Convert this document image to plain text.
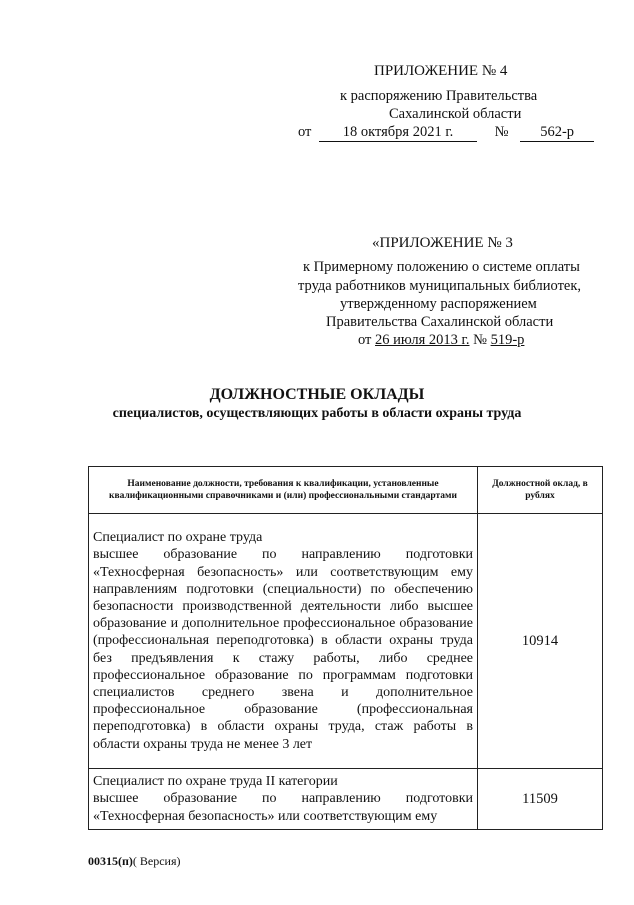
ПРИЛОЖЕНИЕ № 4
к распоряжению Правительства
Сахалинской области
от 18 октября 2021 г.	№ 562-р
«ПРИЛОЖЕНИЕ № 3
к Примерному положению о системе оплаты
труда работников муниципальных библиотек,
утвержденному распоряжением
Правительства Сахалинской области
от 26 июля 2013 г. № 519-р
ДОЛЖНОСТНЫЕ ОКЛАДЫ
специалистов, осуществляющих работы в области охраны труда
Наименование должности, требования к квалификации, установленные квалификационными справочниками и (или) профессиональными стандартами	Должностной оклад, в рублях

Специалист по охране труда
высшее образование по направлению подготовки «Техносферная безопасность» или соответствующим ему направлениям подготовки (специальности) по обеспечению безопасности производственной деятельности либо высшее образование и дополнительное профессиональное образование (профессиональная переподготовка) в области охраны труда без предъявления к стажу работы, либо среднее профессиональное образование по программам подготовки специалистов среднего звена и дополнительное профессиональное образование (профессиональная переподготовка) в области охраны труда, стаж работы в области охраны труда не менее 3 лет	10914

Специалист по охране труда II категории
высшее образование по направлению подготовки «Техносферная безопасность» или соответствующим ему	11509
00315(п)( Версия)
